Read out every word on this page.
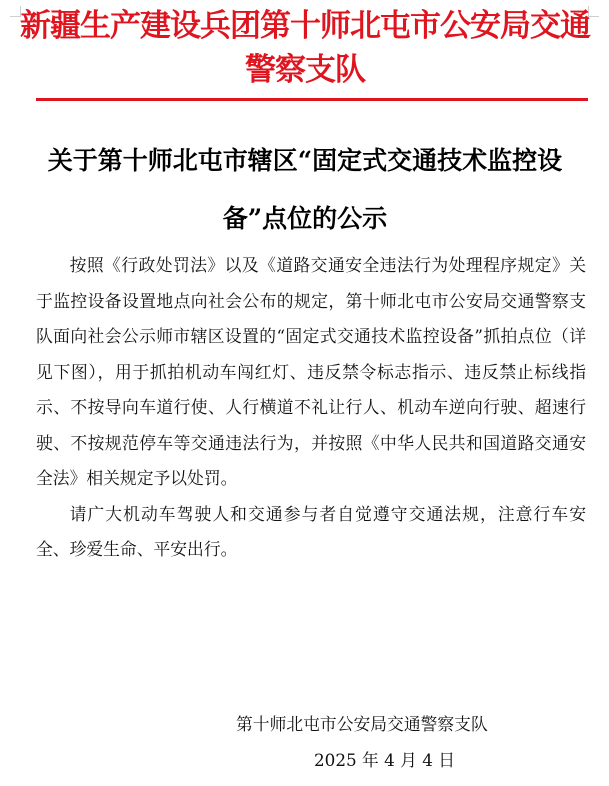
新疆生产建设兵团第十师北屯市公安局交通警察支队
关于第十师北屯市辖区“固定式交通技术监控设备”点位的公示

按照《行政处罚法》以及《道路交通安全违法行为处理程序规定》关于监控设备设置地点向社会公布的规定，第十师北屯市公安局交通警察支队面向社会公示师市辖区设置的“固定式交通技术监控设备”抓拍点位（详见下图），用于抓拍机动车闯红灯、违反禁令标志指示、违反禁止标线指示、不按导向车道行使、人行横道不礼让行人、机动车逆向行驶、超速行驶、不按规范停车等交通违法行为，并按照《中华人民共和国道路交通安全法》相关规定予以处罚。

请广大机动车驾驶人和交通参与者自觉遵守交通法规，注意行车安全、珍爱生命、平安出行。

第十师北屯市公安局交通警察支队
2025 年 4 月 4 日
